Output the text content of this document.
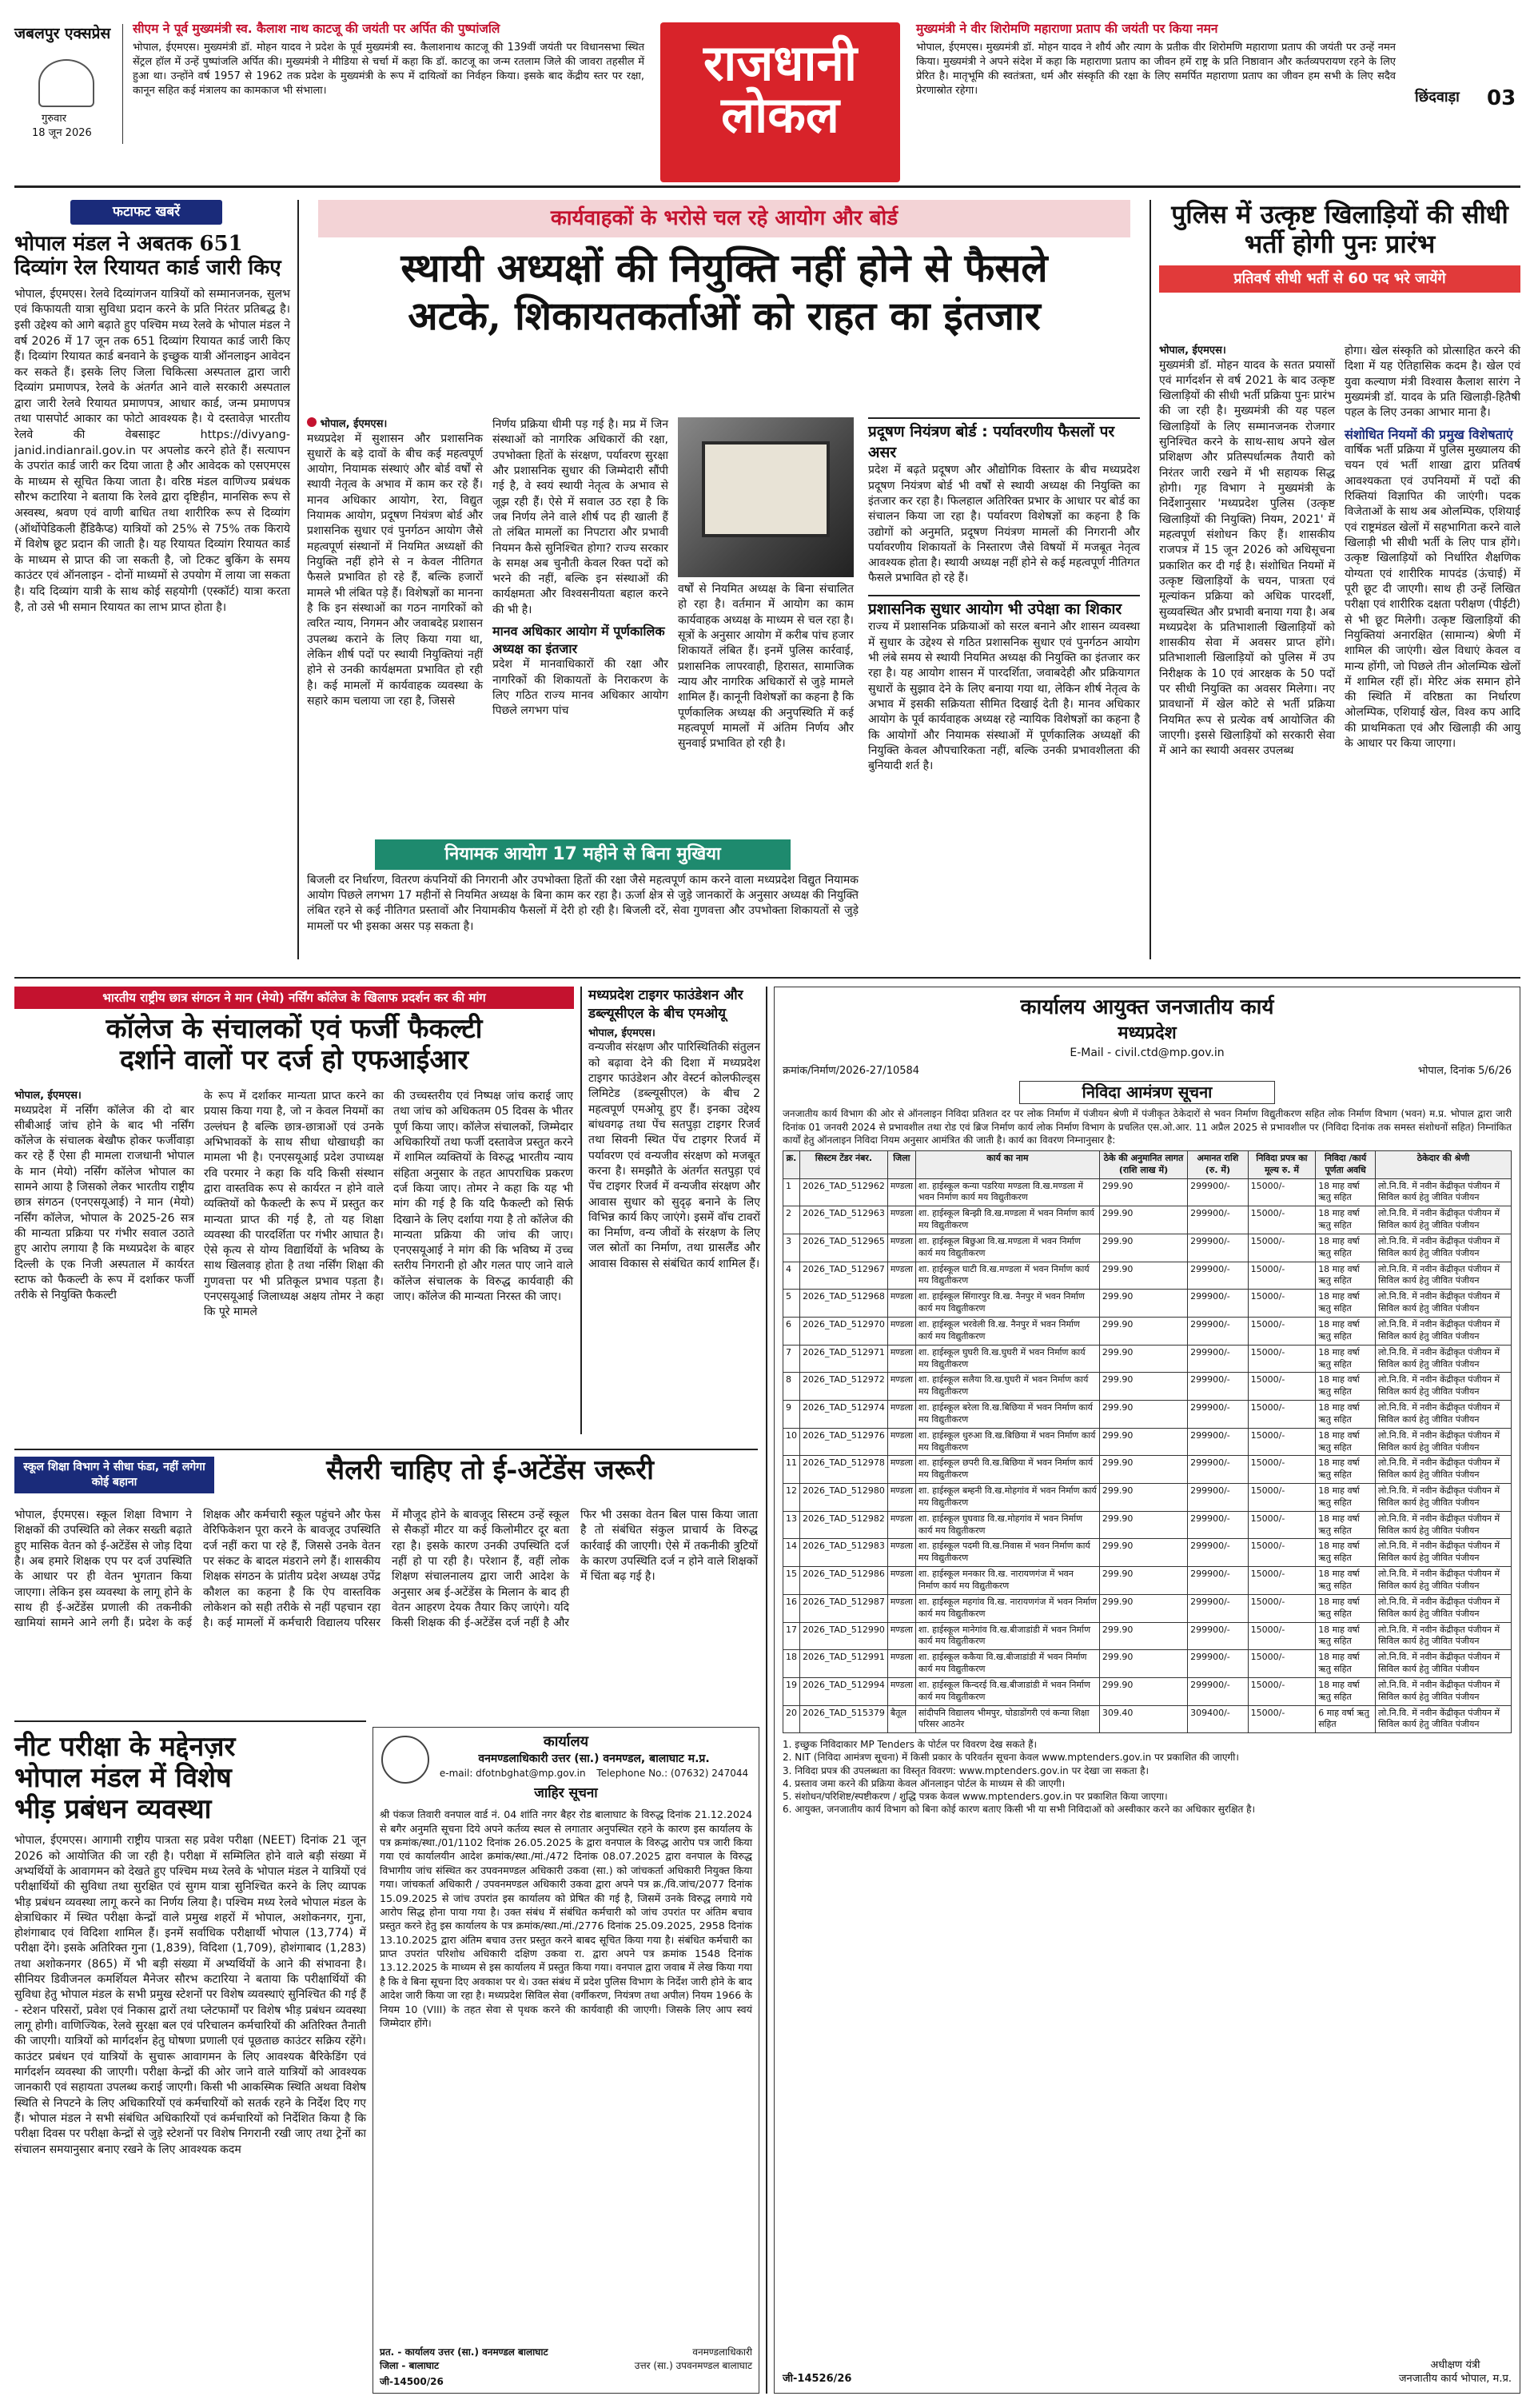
जबलपुर एक्सप्रेस
गुरुवार
18 जून 2026
सीएम ने पूर्व मुख्यमंत्री स्व. कैलाश नाथ काटजू की जयंती पर अर्पित की पुष्पांजलि
भोपाल, ईएमएस। मुख्यमंत्री डॉ. मोहन यादव ने प्रदेश के पूर्व मुख्यमंत्री स्व. कैलाशनाथ काटजू की 139वीं जयंती पर विधानसभा स्थित सेंट्रल हॉल में उन्हें पुष्पांजलि अर्पित की। मुख्यमंत्री ने मीडिया से चर्चा में कहा कि डॉ. काटजू का जन्म रतलाम जिले की जावरा तहसील में हुआ था। उन्होंने वर्ष 1957 से 1962 तक प्रदेश के मुख्यमंत्री के रूप में दायित्वों का निर्वहन किया। इसके बाद केंद्रीय स्तर पर रक्षा, कानून सहित कई मंत्रालय का कामकाज भी संभाला।	राजधानी
लोकल
मुख्यमंत्री ने वीर शिरोमणि महाराणा प्रताप की जयंती पर किया नमन
भोपाल, ईएमएस। मुख्यमंत्री डॉ. मोहन यादव ने शौर्य और त्याग के प्रतीक वीर शिरोमणि महाराणा प्रताप की जयंती पर उन्हें नमन किया। मुख्यमंत्री ने अपने संदेश में कहा कि महाराणा प्रताप का जीवन हमें राष्ट्र के प्रति निष्ठावान और कर्तव्यपरायण रहने के लिए प्रेरित है। मातृभूमि की स्वतंत्रता, धर्म और संस्कृति की रक्षा के लिए समर्पित महाराणा प्रताप का जीवन हम सभी के लिए सदैव प्रेरणास्रोत रहेगा।	छिंदवाड़ा 03
फटाफट खबरें
भोपाल मंडल ने अबतक 651 दिव्यांग रेल रियायत कार्ड जारी किए
भोपाल, ईएमएस। रेलवे दिव्यांगजन यात्रियों को सम्मानजनक, सुलभ एवं किफायती यात्रा सुविधा प्रदान करने के प्रति निरंतर प्रतिबद्ध है। इसी उद्देश्य को आगे बढ़ाते हुए पश्चिम मध्य रेलवे के भोपाल मंडल ने वर्ष 2026 में 17 जून तक 651 दिव्यांग रियायत कार्ड जारी किए हैं। दिव्यांग रियायत कार्ड बनवाने के इच्छुक यात्री ऑनलाइन आवेदन कर सकते हैं। इसके लिए जिला चिकित्सा अस्पताल द्वारा जारी दिव्यांग प्रमाणपत्र, रेलवे के अंतर्गत आने वाले सरकारी अस्पताल द्वारा जारी रेलवे रियायत प्रमाणपत्र, आधार कार्ड, जन्म प्रमाणपत्र तथा पासपोर्ट आकार का फोटो आवश्यक है। ये दस्तावेज़ भारतीय रेलवे की वेबसाइट https://divyang-janid.indianrail.gov.in पर अपलोड करने होते हैं। सत्यापन के उपरांत कार्ड जारी कर दिया जाता है और आवेदक को एसएमएस के माध्यम से सूचित किया जाता है। वरिष्ठ मंडल वाणिज्य प्रबंधक सौरभ कटारिया ने बताया कि रेलवे द्वारा दृष्टिहीन, मानसिक रूप से अस्वस्थ, श्रवण एवं वाणी बाधित तथा शारीरिक रूप से दिव्यांग (ऑर्थोपेडिकली हैंडिकैप्ड) यात्रियों को 25% से 75% तक किराये में विशेष छूट प्रदान की जाती है। यह रियायत दिव्यांग रियायत कार्ड के माध्यम से प्राप्त की जा सकती है, जो टिकट बुकिंग के समय काउंटर एवं ऑनलाइन - दोनों माध्यमों से उपयोग में लाया जा सकता है। यदि दिव्यांग यात्री के साथ कोई सहयोगी (एस्कॉर्ट) यात्रा करता है, तो उसे भी समान रियायत का लाभ प्राप्त होता है।
कार्यवाहकों के भरोसे चल रहे आयोग और बोर्ड
स्थायी अध्यक्षों की नियुक्ति नहीं होने से फैसले
अटके, शिकायतकर्ताओं को राहत का इंतजार
भोपाल, ईएमएस।
मध्यप्रदेश में सुशासन और प्रशासनिक सुधारों के बड़े दावों के बीच कई महत्वपूर्ण आयोग, नियामक संस्थाएं और बोर्ड वर्षों से स्थायी नेतृत्व के अभाव में काम कर रहे हैं। मानव अधिकार आयोग, रेरा, विद्युत नियामक आयोग, प्रदूषण नियंत्रण बोर्ड और प्रशासनिक सुधार एवं पुनर्गठन आयोग जैसे महत्वपूर्ण संस्थानों में नियमित अध्यक्षों की नियुक्ति नहीं होने से न केवल नीतिगत फैसले प्रभावित हो रहे हैं, बल्कि हजारों मामले भी लंबित पड़े हैं। विशेषज्ञों का मानना है कि इन संस्थाओं का गठन नागरिकों को त्वरित न्याय, निगमन और जवाबदेह प्रशासन उपलब्ध कराने के लिए किया गया था, लेकिन शीर्ष पदों पर स्थायी नियुक्तियां नहीं होने से उनकी कार्यक्षमता प्रभावित हो रही है। कई मामलों में कार्यवाहक व्यवस्था के सहारे काम चलाया जा रहा है, जिससे
निर्णय प्रक्रिया धीमी पड़ गई है। मप्र में जिन संस्थाओं को नागरिक अधिकारों की रक्षा, उपभोक्ता हितों के संरक्षण, पर्यावरण सुरक्षा और प्रशासनिक सुधार की जिम्मेदारी सौंपी गई है, वे स्वयं स्थायी नेतृत्व के अभाव से जूझ रही हैं। ऐसे में सवाल उठ रहा है कि जब निर्णय लेने वाले शीर्ष पद ही खाली हैं तो लंबित मामलों का निपटारा और प्रभावी नियमन कैसे सुनिश्चित होगा? राज्य सरकार के समक्ष अब चुनौती केवल रिक्त पदों को भरने की नहीं, बल्कि इन संस्थाओं की कार्यक्षमता और विश्वसनीयता बहाल करने की भी है।
मानव अधिकार आयोग में पूर्णकालिक अध्यक्ष का इंतजार
प्रदेश में मानवाधिकारों की रक्षा और नागरिकों की शिकायतों के निराकरण के लिए गठित राज्य मानव अधिकार आयोग पिछले लगभग पांच
वर्षों से नियमित अध्यक्ष के बिना संचालित हो रहा है। वर्तमान में आयोग का काम कार्यवाहक अध्यक्ष के माध्यम से चल रहा है। सूत्रों के अनुसार आयोग में करीब पांच हजार शिकायतें लंबित हैं। इनमें पुलिस कार्रवाई, प्रशासनिक लापरवाही, हिरासत, सामाजिक न्याय और नागरिक अधिकारों से जुड़े मामले शामिल हैं। कानूनी विशेषज्ञों का कहना है कि पूर्णकालिक अध्यक्ष की अनुपस्थिति में कई महत्वपूर्ण मामलों में अंतिम निर्णय और सुनवाई प्रभावित हो रही है।
प्रदूषण नियंत्रण बोर्ड : पर्यावरणीय फैसलों पर असर
प्रदेश में बढ़ते प्रदूषण और औद्योगिक विस्तार के बीच मध्यप्रदेश प्रदूषण नियंत्रण बोर्ड भी वर्षों से स्थायी अध्यक्ष की नियुक्ति का इंतजार कर रहा है। फिलहाल अतिरिक्त प्रभार के आधार पर बोर्ड का संचालन किया जा रहा है। पर्यावरण विशेषज्ञों का कहना है कि उद्योगों को अनुमति, प्रदूषण नियंत्रण मामलों की निगरानी और पर्यावरणीय शिकायतों के निस्तारण जैसे विषयों में मजबूत नेतृत्व आवश्यक होता है। स्थायी अध्यक्ष नहीं होने से कई महत्वपूर्ण नीतिगत फैसले प्रभावित हो रहे हैं।
प्रशासनिक सुधार आयोग भी उपेक्षा का शिकार
राज्य में प्रशासनिक प्रक्रियाओं को सरल बनाने और शासन व्यवस्था में सुधार के उद्देश्य से गठित प्रशासनिक सुधार एवं पुनर्गठन आयोग भी लंबे समय से स्थायी नियमित अध्यक्ष की नियुक्ति का इंतजार कर रहा है। यह आयोग शासन में पारदर्शिता, जवाबदेही और प्रक्रियागत सुधारों के सुझाव देने के लिए बनाया गया था, लेकिन शीर्ष नेतृत्व के अभाव में इसकी सक्रियता सीमित दिखाई देती है। मानव अधिकार आयोग के पूर्व कार्यवाहक अध्यक्ष रहे न्यायिक विशेषज्ञों का कहना है कि आयोगों और नियामक संस्थाओं में पूर्णकालिक अध्यक्षों की नियुक्ति केवल औपचारिकता नहीं, बल्कि उनकी प्रभावशीलता की बुनियादी शर्त है।
नियामक आयोग 17 महीने से बिना मुखिया
बिजली दर निर्धारण, वितरण कंपनियों की निगरानी और उपभोक्ता हितों की रक्षा जैसे महत्वपूर्ण काम करने वाला मध्यप्रदेश विद्युत नियामक आयोग पिछले लगभग 17 महीनों से नियमित अध्यक्ष के बिना काम कर रहा है। ऊर्जा क्षेत्र से जुड़े जानकारों के अनुसार अध्यक्ष की नियुक्ति लंबित रहने से कई नीतिगत प्रस्तावों और नियामकीय फैसलों में देरी हो रही है। बिजली दरें, सेवा गुणवत्ता और उपभोक्ता शिकायतों से जुड़े मामलों पर भी इसका असर पड़ सकता है।
पुलिस में उत्कृष्ट खिलाड़ियों की सीधी भर्ती होगी पुनः प्रारंभ
प्रतिवर्ष सीधी भर्ती से 60 पद भरे जायेंगे
भोपाल, ईएमएस।
मुख्यमंत्री डॉ. मोहन यादव के सतत प्रयासों एवं मार्गदर्शन से वर्ष 2021 के बाद उत्कृष्ट खिलाड़ियों की सीधी भर्ती प्रक्रिया पुनः प्रारंभ की जा रही है। मुख्यमंत्री की यह पहल खिलाड़ियों के लिए सम्मानजनक रोजगार सुनिश्चित करने के साथ-साथ अपने खेल प्रशिक्षण और प्रतिस्पर्धात्मक तैयारी को निरंतर जारी रखने में भी सहायक सिद्ध होगी। गृह विभाग ने मुख्यमंत्री के निर्देशानुसार 'मध्यप्रदेश पुलिस (उत्कृष्ट खिलाड़ियों की नियुक्ति) नियम, 2021' में महत्वपूर्ण संशोधन किए हैं। शासकीय राजपत्र में 15 जून 2026 को अधिसूचना प्रकाशित कर दी गई है। संशोधित नियमों में उत्कृष्ट खिलाड़ियों के चयन, पात्रता एवं मूल्यांकन प्रक्रिया को अधिक पारदर्शी, सुव्यवस्थित और प्रभावी बनाया गया है। अब मध्यप्रदेश के प्रतिभाशाली खिलाड़ियों को शासकीय सेवा में अवसर प्राप्त होंगे। प्रतिभाशाली खिलाड़ियों को पुलिस में उप निरीक्षक के 10 एवं आरक्षक के 50 पदों पर सीधी नियुक्ति का अवसर मिलेगा। नए प्रावधानों में खेल कोटे से भर्ती प्रक्रिया नियमित रूप से प्रत्येक वर्ष आयोजित की जाएगी। इससे खिलाड़ियों को सरकारी सेवा में आने का स्थायी अवसर उपलब्ध
होगा। खेल संस्कृति को प्रोत्साहित करने की दिशा में यह ऐतिहासिक कदम है। खेल एवं युवा कल्याण मंत्री विश्वास कैलाश सारंग ने मुख्यमंत्री डॉ. यादव के प्रति खिलाड़ी-हितैषी पहल के लिए उनका आभार माना है।
संशोधित नियमों की प्रमुख विशेषताएं
वार्षिक भर्ती प्रक्रिया में पुलिस मुख्यालय की चयन एवं भर्ती शाखा द्वारा प्रतिवर्ष आवश्यकता एवं उपनियमों में पदों की रिक्तियां विज्ञापित की जाएंगी। पदक विजेताओं के साथ अब ओलम्पिक, एशियाई एवं राष्ट्रमंडल खेलों में सहभागिता करने वाले खिलाड़ी भी सीधी भर्ती के लिए पात्र होंगे। उत्कृष्ट खिलाड़ियों को निर्धारित शैक्षणिक योग्यता एवं शारीरिक मापदंड (ऊंचाई) में पूरी छूट दी जाएगी। साथ ही उन्हें लिखित परीक्षा एवं शारीरिक दक्षता परीक्षण (पीईटी) से भी छूट मिलेगी। उत्कृष्ट खिलाड़ियों की नियुक्तियां अनारक्षित (सामान्य) श्रेणी में शामिल की जाएंगी। खेल विधाएं केवल व मान्य होंगी, जो पिछले तीन ओलम्पिक खेलों में शामिल रहीं हों। मेरिट अंक समान होने की स्थिति में वरिष्ठता का निर्धारण ओलम्पिक, एशियाई खेल, विश्व कप आदि की प्राथमिकता एवं और खिलाड़ी की आयु के आधार पर किया जाएगा।
भारतीय राष्ट्रीय छात्र संगठन ने मान (मेयो) नर्सिंग कॉलेज के खिलाफ प्रदर्शन कर की मांग
कॉलेज के संचालकों एवं फर्जी फैकल्टी
दर्शाने वालों पर दर्ज हो एफआईआर
भोपाल, ईएमएस।
मध्यप्रदेश में नर्सिंग कॉलेज की दो बार सीबीआई जांच होने के बाद भी नर्सिंग कॉलेज के संचालक बेखौफ होकर फर्जीवाड़ा कर रहे हैं ऐसा ही मामला राजधानी भोपाल के मान (मेयो) नर्सिंग कॉलेज भोपाल का सामने आया है जिसको लेकर भारतीय राष्ट्रीय छात्र संगठन (एनएसयूआई) ने मान (मेयो) नर्सिंग कॉलेज, भोपाल के 2025-26 सत्र की मान्यता प्रक्रिया पर गंभीर सवाल उठाते हुए आरोप लगाया है कि मध्यप्रदेश के बाहर दिल्ली के एक निजी अस्पताल में कार्यरत स्टाफ को फैकल्टी के रूप में दर्शाकर फर्जी तरीके से नियुक्ति फैकल्टी
के रूप में दर्शाकर मान्यता प्राप्त करने का प्रयास किया गया है, जो न केवल नियमों का उल्लंघन है बल्कि छात्र-छात्राओं एवं उनके अभिभावकों के साथ सीधा धोखाधड़ी का मामला भी है। एनएसयूआई प्रदेश उपाध्यक्ष रवि परमार ने कहा कि यदि किसी संस्थान द्वारा वास्तविक रूप से कार्यरत न होने वाले व्यक्तियों को फैकल्टी के रूप में प्रस्तुत कर मान्यता प्राप्त की गई है, तो यह शिक्षा व्यवस्था की पारदर्शिता पर गंभीर आघात है। ऐसे कृत्य से योग्य विद्यार्थियों के भविष्य के साथ खिलवाड़ होता है तथा नर्सिंग शिक्षा की गुणवत्ता पर भी प्रतिकूल प्रभाव पड़ता है। एनएसयूआई जिलाध्यक्ष अक्षय तोमर ने कहा कि पूरे मामले
की उच्चस्तरीय एवं निष्पक्ष जांच कराई जाए तथा जांच को अधिकतम 05 दिवस के भीतर पूर्ण किया जाए। कॉलेज संचालकों, जिम्मेदार अधिकारियों तथा फर्जी दस्तावेज प्रस्तुत करने में शामिल व्यक्तियों के विरुद्ध भारतीय न्याय संहिता अनुसार के तहत आपराधिक प्रकरण दर्ज किया जाए। तोमर ने कहा कि यह भी मांग की गई है कि यदि फैकल्टी को सिर्फ दिखाने के लिए दर्शाया गया है तो कॉलेज की मान्यता प्रक्रिया की जांच की जाए। एनएसयूआई ने मांग की कि भविष्य में उच्च स्तरीय निगरानी हो और गलत पाए जाने वाले कॉलेज संचालक के विरुद्ध कार्यवाही की जाए। कॉलेज की मान्यता निरस्त की जाए।
मध्यप्रदेश टाइगर फाउंडेशन और डब्ल्यूसीएल के बीच एमओयू
भोपाल, ईएमएस।
वन्यजीव संरक्षण और पारिस्थितिकी संतुलन को बढ़ावा देने की दिशा में मध्यप्रदेश टाइगर फाउंडेशन और वेस्टर्न कोलफील्ड्स लिमिटेड (डब्ल्यूसीएल) के बीच 2 महत्वपूर्ण एमओयू हुए हैं। इनका उद्देश्य बांधवगढ़ तथा पेंच सतपुड़ा टाइगर रिजर्व तथा सिवनी स्थित पेंच टाइगर रिजर्व में पर्यावरण एवं वन्यजीव संरक्षण को मजबूत करना है। समझौते के अंतर्गत सतपुड़ा एवं पेंच टाइगर रिजर्व में वन्यजीव संरक्षण और आवास सुधार को सुदृढ़ बनाने के लिए विभिन्न कार्य किए जाएंगे। इसमें वॉच टावरों का निर्माण, वन्य जीवों के संरक्षण के लिए जल स्रोतों का निर्माण, तथा ग्रासलैंड और आवास विकास से संबंधित कार्य शामिल हैं।
स्कूल शिक्षा विभाग ने सीधा फंडा, नहीं लगेगा कोई बहाना	सैलरी चाहिए तो ई-अटेंडेंस जरूरी
भोपाल, ईएमएस। स्कूल शिक्षा विभाग ने शिक्षकों की उपस्थिति को लेकर सख्ती बढ़ाते हुए मासिक वेतन को ई-अटेंडेंस से जोड़ दिया है। अब हमारे शिक्षक एप पर दर्ज उपस्थिति के आधार पर ही वेतन भुगतान किया जाएगा। लेकिन इस व्यवस्था के लागू होने के साथ ही ई-अटेंडेंस प्रणाली की तकनीकी खामियां सामने आने लगी हैं। प्रदेश के कई शिक्षक और कर्मचारी स्कूल पहुंचने और फेस वेरिफिकेशन पूरा करने के बावजूद उपस्थिति दर्ज नहीं करा पा रहे हैं, जिससे उनके वेतन पर संकट के बादल मंडराने लगे हैं। शासकीय शिक्षक संगठन के प्रांतीय प्रदेश अध्यक्ष उपेंद्र कौशल का कहना है कि ऐप वास्तविक लोकेशन को सही तरीके से नहीं पहचान रहा है। कई मामलों में कर्मचारी विद्यालय परिसर में मौजूद होने के बावजूद सिस्टम उन्हें स्कूल से सैकड़ों मीटर या कई किलोमीटर दूर बता रहा है। इसके कारण उनकी उपस्थिति दर्ज नहीं हो पा रही है। परेशान हैं, वहीं लोक शिक्षण संचालनालय द्वारा जारी आदेश के अनुसार अब ई-अटेंडेंस के मिलान के बाद ही वेतन आहरण देयक तैयार किए जाएंगे। यदि किसी शिक्षक की ई-अटेंडेंस दर्ज नहीं है और फिर भी उसका वेतन बिल पास किया जाता है तो संबंधित संकुल प्राचार्य के विरुद्ध कार्रवाई की जाएगी। ऐसे में तकनीकी त्रुटियों के कारण उपस्थिति दर्ज न होने वाले शिक्षकों में चिंता बढ़ गई है।
नीट परीक्षा के मद्देनज़र
भोपाल मंडल में विशेष
भीड़ प्रबंधन व्यवस्था
भोपाल, ईएमएस। आगामी राष्ट्रीय पात्रता सह प्रवेश परीक्षा (NEET) दिनांक 21 जून 2026 को आयोजित की जा रही है। परीक्षा में सम्मिलित होने वाले बड़ी संख्या में अभ्यर्थियों के आवागमन को देखते हुए पश्चिम मध्य रेलवे के भोपाल मंडल ने यात्रियों एवं परीक्षार्थियों की सुविधा तथा सुरक्षित एवं सुगम यात्रा सुनिश्चित करने के लिए व्यापक भीड़ प्रबंधन व्यवस्था लागू करने का निर्णय लिया है। पश्चिम मध्य रेलवे भोपाल मंडल के क्षेत्राधिकार में स्थित परीक्षा केन्द्रों वाले प्रमुख शहरों में भोपाल, अशोकनगर, गुना, होशंगाबाद एवं विदिशा शामिल हैं। इनमें सर्वाधिक परीक्षार्थी भोपाल (13,774) में परीक्षा देंगे। इसके अतिरिक्त गुना (1,839), विदिशा (1,709), होशंगाबाद (1,283) तथा अशोकनगर (865) में भी बड़ी संख्या में अभ्यर्थियों के आने की संभावना है। सीनियर डिवीजनल कमर्शियल मैनेजर सौरभ कटारिया ने बताया कि परीक्षार्थियों की सुविधा हेतु भोपाल मंडल के सभी प्रमुख स्टेशनों पर विशेष व्यवस्थाएं सुनिश्चित की गई हैं - स्टेशन परिसरों, प्रवेश एवं निकास द्वारों तथा प्लेटफार्मों पर विशेष भीड़ प्रबंधन व्यवस्था लागू होगी। वाणिज्यिक, रेलवे सुरक्षा बल एवं परिचालन कर्मचारियों की अतिरिक्त तैनाती की जाएगी। यात्रियों को मार्गदर्शन हेतु घोषणा प्रणाली एवं पूछताछ काउंटर सक्रिय रहेंगे। काउंटर प्रबंधन एवं यात्रियों के सुचारू आवागमन के लिए आवश्यक बैरिकेडिंग एवं मार्गदर्शन व्यवस्था की जाएगी। परीक्षा केन्द्रों की ओर जाने वाले यात्रियों को आवश्यक जानकारी एवं सहायता उपलब्ध कराई जाएगी। किसी भी आकस्मिक स्थिति अथवा विशेष स्थिति से निपटने के लिए अधिकारियों एवं कर्मचारियों को सतर्क रहने के निर्देश दिए गए हैं। भोपाल मंडल ने सभी संबंधित अधिकारियों एवं कर्मचारियों को निर्देशित किया है कि परीक्षा दिवस पर परीक्षा केन्द्रों से जुड़े स्टेशनों पर विशेष निगरानी रखी जाए तथा ट्रेनों का संचालन समयानुसार बनाए रखने के लिए आवश्यक कदम
कार्यालय
वनमण्डलाधिकारी उत्तर (सा.) वनमण्डल, बालाघाट म.प्र.
e-mail: dfotnbghat@mp.gov.in Telephone No.: (07632) 247044
जाहिर सूचना
श्री पंकज तिवारी वनपाल वार्ड नं. 04 शांति नगर बैहर रोड बालाघाट के विरुद्ध दिनांक 21.12.2024 से बगैर अनुमति सूचना दिये अपने कर्तव्य स्थल से लगातार अनुपस्थित रहने के कारण इस कार्यालय के पत्र क्रमांक/स्था./01/1102 दिनांक 26.05.2025 के द्वारा वनपाल के विरुद्ध आरोप पत्र जारी किया गया एवं कार्यालयीन आदेश क्रमांक/स्था./मां./472 दिनांक 08.07.2025 द्वारा वनपाल के विरुद्ध विभागीय जांच संस्थित कर उपवनमण्डल अधिकारी उकवा (सा.) को जांचकर्ता अधिकारी नियुक्त किया गया। जांचकर्ता अधिकारी / उपवनमण्डल अधिकारी उकवा द्वारा अपने पत्र क्र./वि.जांच/2077 दिनांक 15.09.2025 से जांच उपरांत इस कार्यालय को प्रेषित की गई है, जिसमें उनके विरुद्ध लगाये गये आरोप सिद्ध होना पाया गया है। उक्त संबंध में संबंधित कर्मचारी को जांच उपरांत पर अंतिम बचाव प्रस्तुत करने हेतु इस कार्यालय के पत्र क्रमांक/स्था./मां./2776 दिनांक 25.09.2025, 2958 दिनांक 13.10.2025 द्वारा अंतिम बचाव उत्तर प्रस्तुत करने बाबद सूचित किया गया है। संबंधित कर्मचारी का प्राप्त उपरांत परिशोध अधिकारी दक्षिण उकवा रा. द्वारा अपने पत्र क्रमांक 1548 दिनांक 13.12.2025 के माध्यम से इस कार्यालय में प्रस्तुत किया गया। वनपाल द्वारा जवाब में लेख किया गया है कि वे बिना सूचना दिए अवकाश पर थे। उक्त संबंध में प्रदेश पुलिस विभाग के निर्देश जारी होने के बाद आदेश जारी किया जा रहा है। मध्यप्रदेश सिविल सेवा (वर्गीकरण, नियंत्रण तथा अपील) नियम 1966 के नियम 10 (VIII) के तहत सेवा से पृथक करने की कार्यवाही की जाएगी। जिसके लिए आप स्वयं जिम्मेदार होंगे।
प्रत. - कार्यालय उत्तर (सा.) वनमण्डल बालाघाट
जिला - बालाघाट
जी-14500/26
वनमण्डलाधिकारी
उत्तर (सा.) उपवनमण्डल बालाघाट
कार्यालय आयुक्त जनजातीय कार्य
मध्यप्रदेश
E-Mail - civil.ctd@mp.gov.in
क्रमांक/निर्माण/2026-27/10584	भोपाल, दिनांक 5/6/26
निविदा आमंत्रण सूचना
जनजातीय कार्य विभाग की ओर से ऑनलाइन निविदा प्रतिशत दर पर लोक निर्माण में पंजीयन श्रेणी में पंजीकृत ठेकेदारों से भवन निर्माण विद्युतीकरण सहित लोक निर्माण विभाग (भवन) म.प्र. भोपाल द्वारा जारी दिनांक 01 जनवरी 2024 से प्रभावशील तथा रोड एवं ब्रिज निर्माण कार्य लोक निर्माण विभाग के प्रचलित एस.ओ.आर. 11 अप्रैल 2025 से प्रभावशील पर (निविदा दिनांक तक समस्त संशोधनों सहित) निम्नांकित कार्यों हेतु ऑनलाइन निविदा नियम अनुसार आमंत्रित की जाती है। कार्य का विवरण निम्नानुसार है:
क्र.	सिस्टम टेंडर नंबर.	जिला	कार्य का नाम	ठेके की अनुमानित लागत (राशि लाख में)	अमानत राशि (रु. में)	निविदा प्रपत्र का मूल्य रु. में	निविदा /कार्य पूर्णता अवधि	ठेकेदार की श्रेणी
1	2026_TAD_512962	मण्डला	शा. हाईस्कूल कन्या पडरिया मण्डला वि.ख.मण्डला में भवन निर्माण कार्य मय विद्युतीकरण	299.90	299900/-	15000/-	18 माह वर्षा ऋतु सहित	लो.नि.वि. में नवीन केंद्रीकृत पंजीयन में सिविल कार्य हेतु जीवित पंजीयन
2	2026_TAD_512963	मण्डला	शा. हाईस्कूल बिन्झी वि.ख.मण्डला में भवन निर्माण कार्य मय विद्युतीकरण	299.90	299900/-	15000/-	18 माह वर्षा ऋतु सहित	लो.नि.वि. में नवीन केंद्रीकृत पंजीयन में सिविल कार्य हेतु जीवित पंजीयन
3	2026_TAD_512965	मण्डला	शा. हाईस्कूल बिछुआ वि.ख.मण्डला में भवन निर्माण कार्य मय विद्युतीकरण	299.90	299900/-	15000/-	18 माह वर्षा ऋतु सहित	लो.नि.वि. में नवीन केंद्रीकृत पंजीयन में सिविल कार्य हेतु जीवित पंजीयन
4	2026_TAD_512967	मण्डला	शा. हाईस्कूल घाटी वि.ख.मण्डला में भवन निर्माण कार्य मय विद्युतीकरण	299.90	299900/-	15000/-	18 माह वर्षा ऋतु सहित	लो.नि.वि. में नवीन केंद्रीकृत पंजीयन में सिविल कार्य हेतु जीवित पंजीयन
5	2026_TAD_512968	मण्डला	शा. हाईस्कूल सिंगारपुर वि.ख. नैनपुर में भवन निर्माण कार्य मय विद्युतीकरण	299.90	299900/-	15000/-	18 माह वर्षा ऋतु सहित	लो.नि.वि. में नवीन केंद्रीकृत पंजीयन में सिविल कार्य हेतु जीवित पंजीयन
6	2026_TAD_512970	मण्डला	शा. हाईस्कूल भरवेली वि.ख. नैनपुर में भवन निर्माण कार्य मय विद्युतीकरण	299.90	299900/-	15000/-	18 माह वर्षा ऋतु सहित	लो.नि.वि. में नवीन केंद्रीकृत पंजीयन में सिविल कार्य हेतु जीवित पंजीयन
7	2026_TAD_512971	मण्डला	शा. हाईस्कूल घुघरी वि.ख.घुघरी में भवन निर्माण कार्य मय विद्युतीकरण	299.90	299900/-	15000/-	18 माह वर्षा ऋतु सहित	लो.नि.वि. में नवीन केंद्रीकृत पंजीयन में सिविल कार्य हेतु जीवित पंजीयन
8	2026_TAD_512972	मण्डला	शा. हाईस्कूल सलैया वि.ख.घुघरी में भवन निर्माण कार्य मय विद्युतीकरण	299.90	299900/-	15000/-	18 माह वर्षा ऋतु सहित	लो.नि.वि. में नवीन केंद्रीकृत पंजीयन में सिविल कार्य हेतु जीवित पंजीयन
9	2026_TAD_512974	मण्डला	शा. हाईस्कूल बरेला वि.ख.बिछिया में भवन निर्माण कार्य मय विद्युतीकरण	299.90	299900/-	15000/-	18 माह वर्षा ऋतु सहित	लो.नि.वि. में नवीन केंद्रीकृत पंजीयन में सिविल कार्य हेतु जीवित पंजीयन
10	2026_TAD_512976	मण्डला	शा. हाईस्कूल धुरुआ वि.ख.बिछिया में भवन निर्माण कार्य मय विद्युतीकरण	299.90	299900/-	15000/-	18 माह वर्षा ऋतु सहित	लो.नि.वि. में नवीन केंद्रीकृत पंजीयन में सिविल कार्य हेतु जीवित पंजीयन
11	2026_TAD_512978	मण्डला	शा. हाईस्कूल छपरी वि.ख.बिछिया में भवन निर्माण कार्य मय विद्युतीकरण	299.90	299900/-	15000/-	18 माह वर्षा ऋतु सहित	लो.नि.वि. में नवीन केंद्रीकृत पंजीयन में सिविल कार्य हेतु जीवित पंजीयन
12	2026_TAD_512980	मण्डला	शा. हाईस्कूल बम्हनी वि.ख.मोहगांव में भवन निर्माण कार्य मय विद्युतीकरण	299.90	299900/-	15000/-	18 माह वर्षा ऋतु सहित	लो.नि.वि. में नवीन केंद्रीकृत पंजीयन में सिविल कार्य हेतु जीवित पंजीयन
13	2026_TAD_512982	मण्डला	शा. हाईस्कूल घुघवाड वि.ख.मोहगांव में भवन निर्माण कार्य मय विद्युतीकरण	299.90	299900/-	15000/-	18 माह वर्षा ऋतु सहित	लो.नि.वि. में नवीन केंद्रीकृत पंजीयन में सिविल कार्य हेतु जीवित पंजीयन
14	2026_TAD_512983	मण्डला	शा. हाईस्कूल पदमी वि.ख.निवास में भवन निर्माण कार्य मय विद्युतीकरण	299.90	299900/-	15000/-	18 माह वर्षा ऋतु सहित	लो.नि.वि. में नवीन केंद्रीकृत पंजीयन में सिविल कार्य हेतु जीवित पंजीयन
15	2026_TAD_512986	मण्डला	शा. हाईस्कूल मनकार वि.ख. नारायणगंज में भवन निर्माण कार्य मय विद्युतीकरण	299.90	299900/-	15000/-	18 माह वर्षा ऋतु सहित	लो.नि.वि. में नवीन केंद्रीकृत पंजीयन में सिविल कार्य हेतु जीवित पंजीयन
16	2026_TAD_512987	मण्डला	शा. हाईस्कूल महगांव वि.ख. नारायणगंज में भवन निर्माण कार्य मय विद्युतीकरण	299.90	299900/-	15000/-	18 माह वर्षा ऋतु सहित	लो.नि.वि. में नवीन केंद्रीकृत पंजीयन में सिविल कार्य हेतु जीवित पंजीयन
17	2026_TAD_512990	मण्डला	शा. हाईस्कूल मानेगांव वि.ख.बीजाडांडी में भवन निर्माण कार्य मय विद्युतीकरण	299.90	299900/-	15000/-	18 माह वर्षा ऋतु सहित	लो.नि.वि. में नवीन केंद्रीकृत पंजीयन में सिविल कार्य हेतु जीवित पंजीयन
18	2026_TAD_512991	मण्डला	शा. हाईस्कूल ककैया वि.ख.बीजाडांडी में भवन निर्माण कार्य मय विद्युतीकरण	299.90	299900/-	15000/-	18 माह वर्षा ऋतु सहित	लो.नि.वि. में नवीन केंद्रीकृत पंजीयन में सिविल कार्य हेतु जीवित पंजीयन
19	2026_TAD_512994	मण्डला	शा. हाईस्कूल किन्दरई वि.ख.बीजाडांडी में भवन निर्माण कार्य मय विद्युतीकरण	299.90	299900/-	15000/-	18 माह वर्षा ऋतु सहित	लो.नि.वि. में नवीन केंद्रीकृत पंजीयन में सिविल कार्य हेतु जीवित पंजीयन
20	2026_TAD_515379	बैतूल	सांदीपनि विद्यालय भीमपुर, घोडाडोंगरी एवं कन्या शिक्षा परिसर आठनेर	309.40	309400/-	15000/-	6 माह वर्षा ऋतु सहित	लो.नि.वि. में नवीन केंद्रीकृत पंजीयन में सिविल कार्य हेतु जीवित पंजीयन
1. इच्छुक निविदाकार MP Tenders के पोर्टल पर विवरण देख सकते हैं।
2. NIT (निविदा आमंत्रण सूचना) में किसी प्रकार के परिवर्तन सूचना केवल www.mptenders.gov.in पर प्रकाशित की जाएगी।
3. निविदा प्रपत्र की उपलब्धता का विस्तृत विवरण: www.mptenders.gov.in पर देखा जा सकता है।
4. प्रस्ताव जमा करने की प्रक्रिया केवल ऑनलाइन पोर्टल के माध्यम से की जाएगी।
5. संशोधन/परिशिष्ट/स्पष्टीकरण / शुद्धि पत्रक केवल www.mptenders.gov.in पर प्रकाशित किया जाएगा।
6. आयुक्त, जनजातीय कार्य विभाग को बिना कोई कारण बताए किसी भी या सभी निविदाओं को अस्वीकार करने का अधिकार सुरक्षित है।
जी-14526/26
अधीक्षण यंत्री
जनजातीय कार्य भोपाल, म.प्र.
